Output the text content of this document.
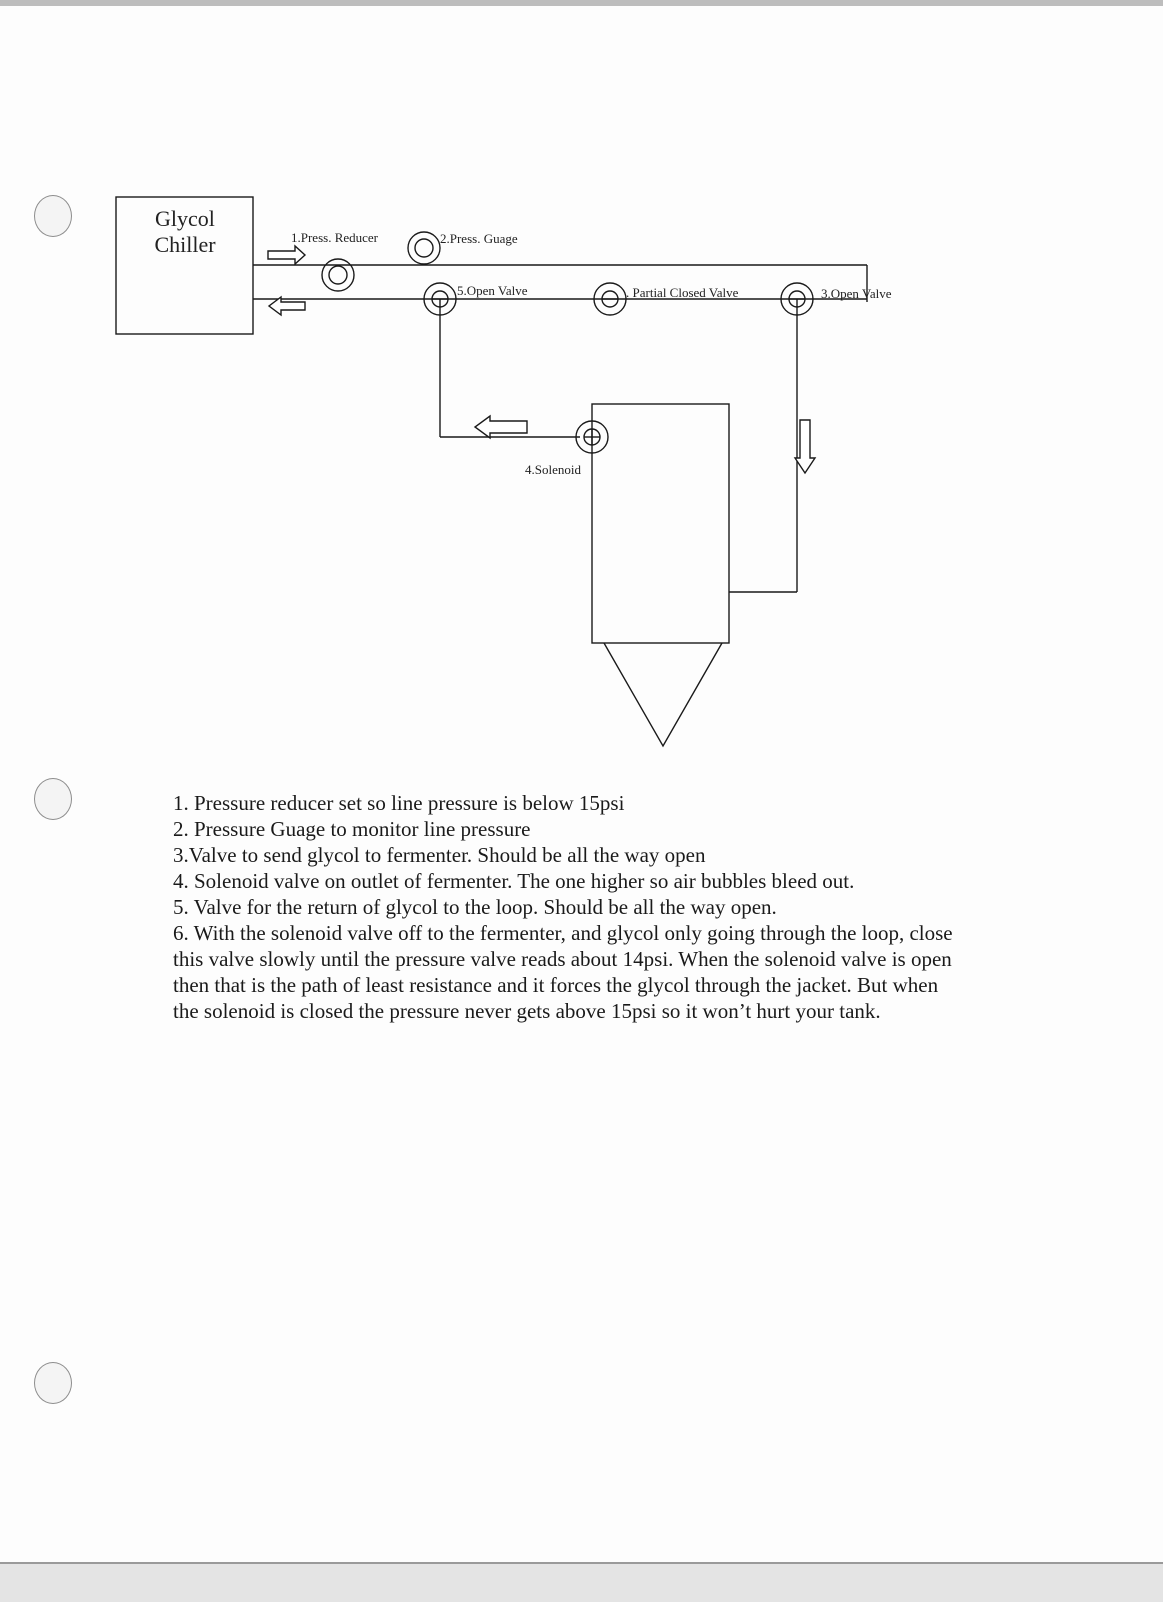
Glycol
Chiller	1.Press. Reducer	2.Press. Guage
5.Open Valve	. Partial Closed Valve	3.Open Valve
4.Solenoid
1. Pressure reducer set so line pressure is below 15psi
2. Pressure Guage to monitor line pressure
3.Valve to send glycol to fermenter. Should be all the way open
4. Solenoid valve on outlet of fermenter. The one higher so air bubbles bleed out.
5. Valve for the return of glycol to the loop. Should be all the way open.
6. With the solenoid valve off to the fermenter, and glycol only going through the loop, close this valve slowly until the pressure valve reads about 14psi. When the solenoid valve is open then that is the path of least resistance and it forces the glycol through the jacket. But when the solenoid is closed the pressure never gets above 15psi so it won’t hurt your tank.
